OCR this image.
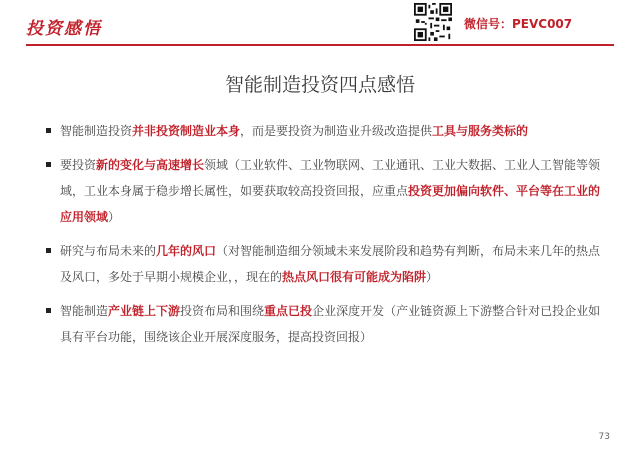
投资感悟	微信号：PEVC007
智能制造投资四点感悟
智能制造投资并非投资制造业本身，而是要投资为制造业升级改造提供工具与服务类标的
要投资新的变化与高速增长领域（工业软件、工业物联网、工业通讯、工业大数据、工业人工智能等领域，工业本身属于稳步增长属性，如要获取较高投资回报，应重点投资更加偏向软件、平台等在工业的应用领域）
研究与布局未来的几年的风口（对智能制造细分领域未来发展阶段和趋势有判断，布局未来几年的热点及风口，多处于早期小规模企业，，现在的热点风口很有可能成为陷阱）
智能制造产业链上下游投资布局和围绕重点已投企业深度开发（产业链资源上下游整合针对已投企业如具有平台功能，围绕该企业开展深度服务，提高投资回报）
73
